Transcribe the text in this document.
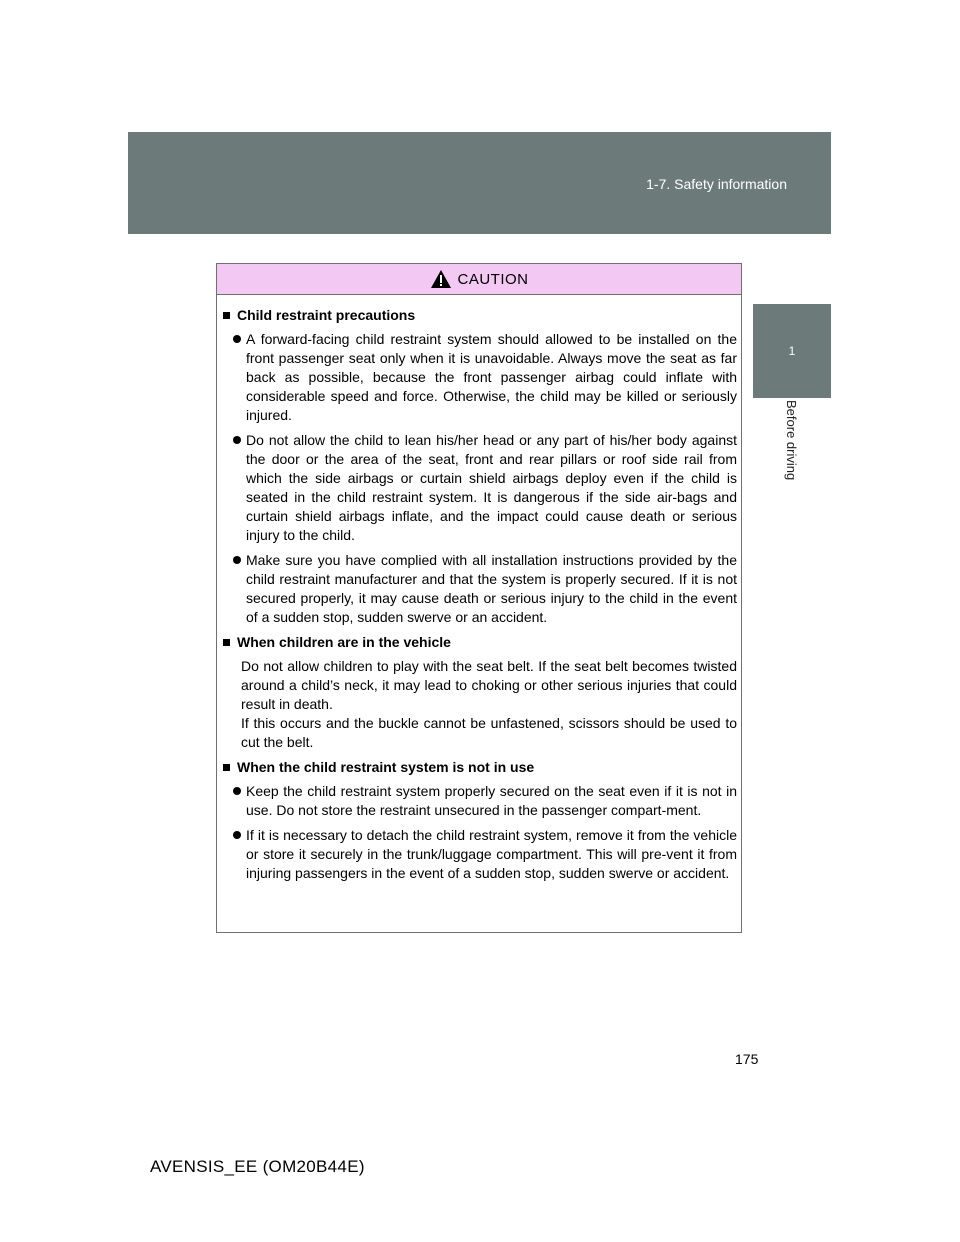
1-7. Safety information
1
Before driving
CAUTION
Child restraint precautions

A forward-facing child restraint system should allowed to be installed on the front passenger seat only when it is unavoidable. Always move the seat as far back as possible, because the front passenger airbag could inflate with considerable speed and force. Otherwise, the child may be killed or seriously injured.

Do not allow the child to lean his/her head or any part of his/her body against the door or the area of the seat, front and rear pillars or roof side rail from which the side airbags or curtain shield airbags deploy even if the child is seated in the child restraint system. It is dangerous if the side air-bags and curtain shield airbags inflate, and the impact could cause death or serious injury to the child.

Make sure you have complied with all installation instructions provided by the child restraint manufacturer and that the system is properly secured. If it is not secured properly, it may cause death or serious injury to the child in the event of a sudden stop, sudden swerve or an accident.

When children are in the vehicle
Do not allow children to play with the seat belt. If the seat belt becomes twisted around a child’s neck, it may lead to choking or other serious injuries that could result in death.
If this occurs and the buckle cannot be unfastened, scissors should be used to cut the belt.
When the child restraint system is not in use

Keep the child restraint system properly secured on the seat even if it is not in use. Do not store the restraint unsecured in the passenger compart-ment.

If it is necessary to detach the child restraint system, remove it from the vehicle or store it securely in the trunk/luggage compartment. This will pre-vent it from injuring passengers in the event of a sudden stop, sudden swerve or accident.

175
AVENSIS_EE (OM20B44E)
